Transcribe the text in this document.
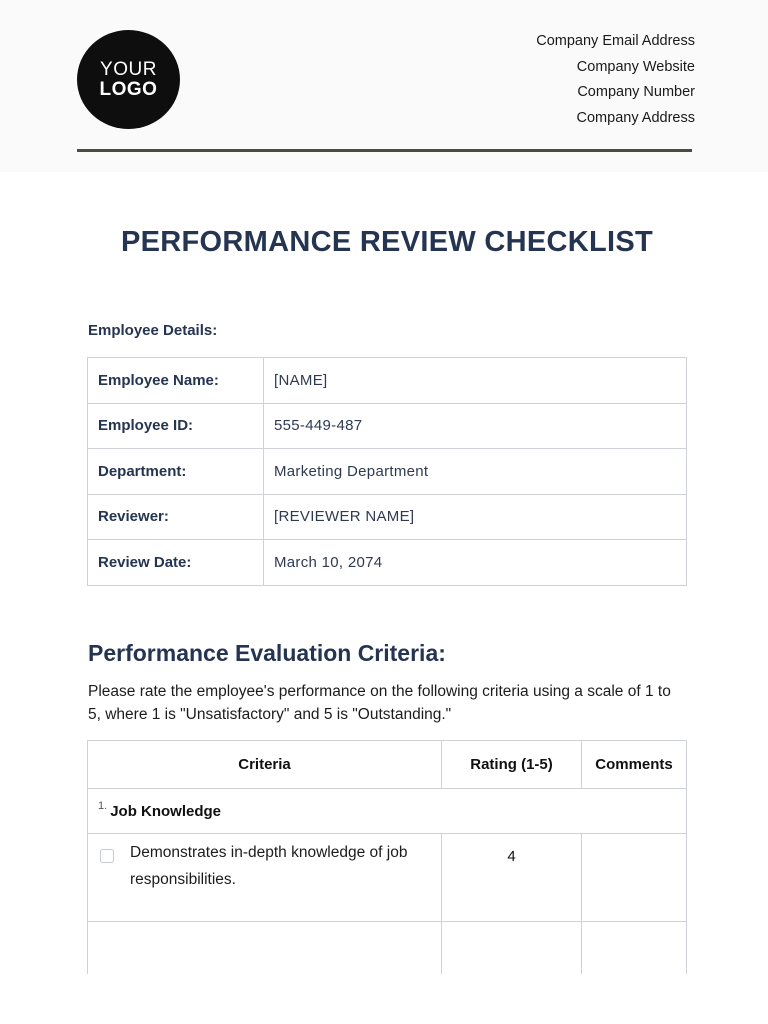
YOUR
LOGO
Company Email Address
Company Website
Company Number
Company Address
PERFORMANCE REVIEW CHECKLIST
Employee Details:
Employee Name:	[NAME]
Employee ID:	555-449-487
Department:	Marketing Department
Reviewer:	[REVIEWER NAME]
Review Date:	March 10, 2074
Performance Evaluation Criteria:
Please rate the employee's performance on the following criteria using a scale of 1 to 5, where 1 is "Unsatisfactory" and 5 is "Outstanding."
Criteria	Rating (1-5)	Comments
$^{1.}$ Job Knowledge		

Demonstrates in-depth knowledge of job responsibilities.	4	
